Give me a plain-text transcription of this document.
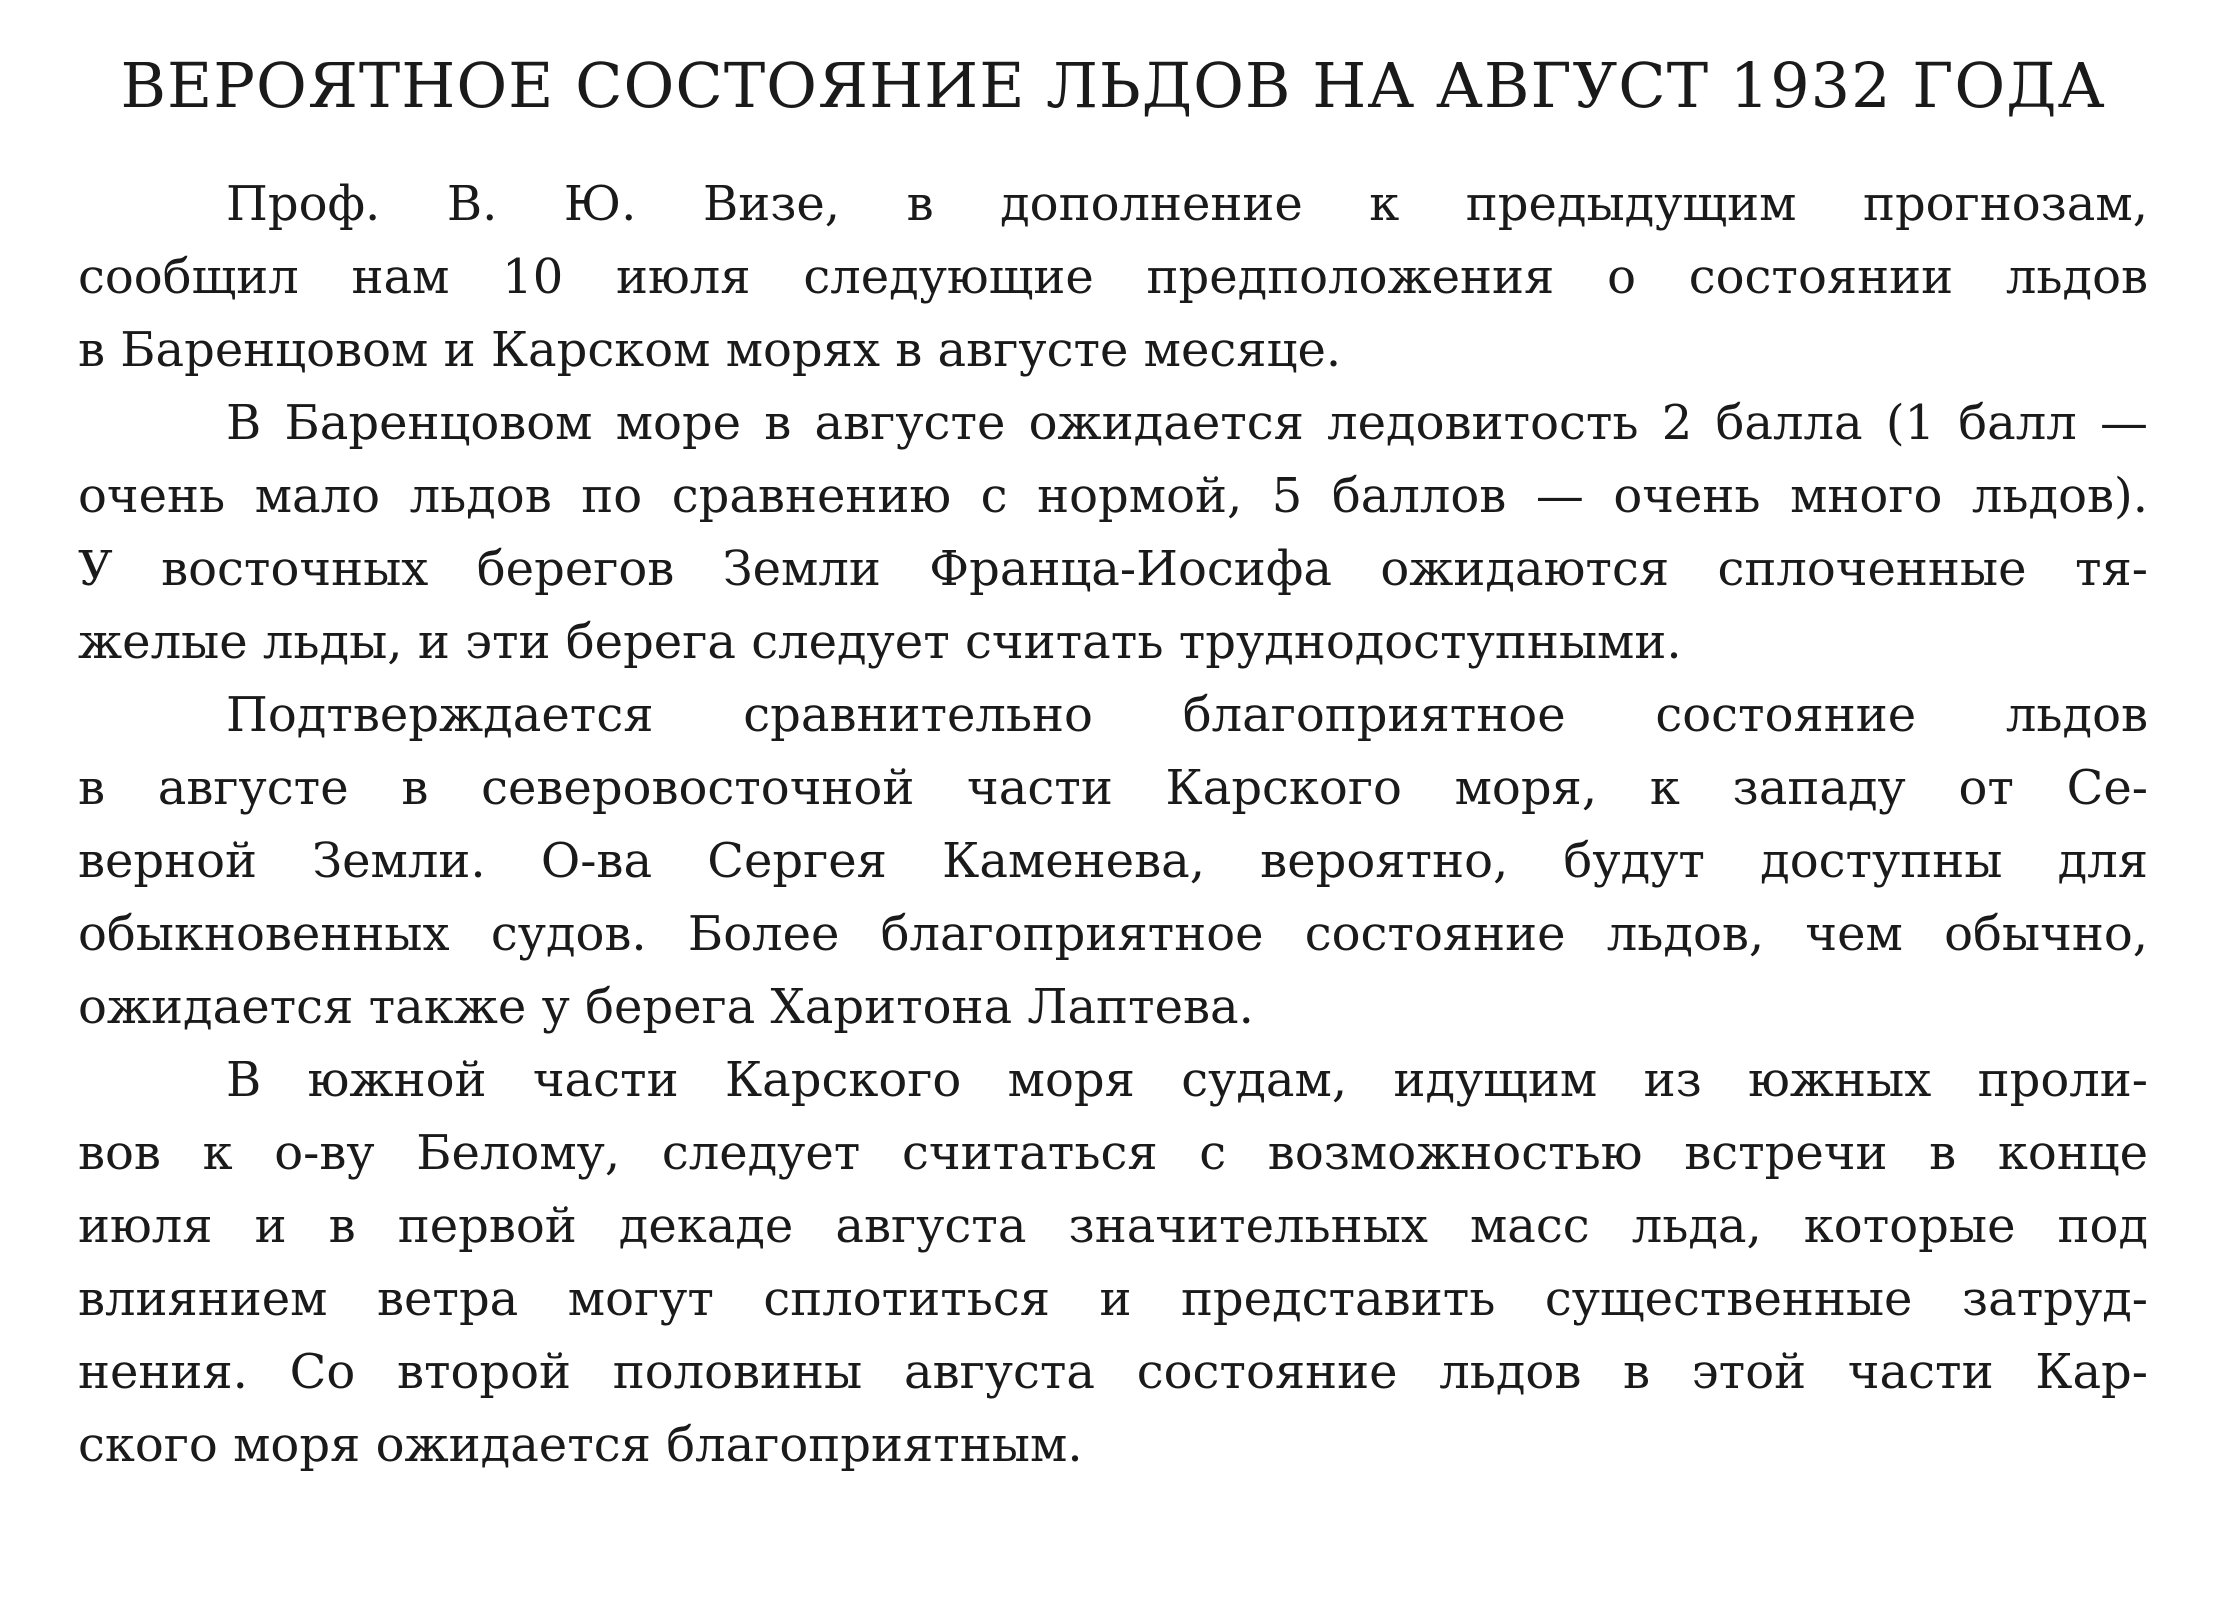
ВЕРОЯТНОЕ СОСТОЯНИЕ ЛЬДОВ НА АВГУСТ 1932 ГОДА

Проф. В. Ю. Визе, в дополнение к предыдущим прогнозам,
сообщил нам 10 июля следующие предположения о состоянии льдов
в Баренцовом и Карском морях в августе месяце.

В Баренцовом море в августе ожидается ледовитость 2 балла (1 балл —
очень мало льдов по сравнению с нормой, 5 баллов — очень много льдов).
У восточных берегов Земли Франца-Иосифа ожидаются сплоченные тя-
желые льды, и эти берега следует считать труднодоступными.

Подтверждается сравнительно благоприятное состояние льдов
в августе в северовосточной части Карского моря, к западу от Се-
верной Земли. О-ва Сергея Каменева, вероятно, будут доступны для
обыкновенных судов. Более благоприятное состояние льдов, чем обычно,
ожидается также у берега Харитона Лаптева.

В южной части Карского моря судам, идущим из южных проли-
вов к о-ву Белому, следует считаться с возможностью встречи в конце
июля и в первой декаде августа значительных масс льда, которые под
влиянием ветра могут сплотиться и представить существенные затруд-
нения. Со второй половины августа состояние льдов в этой части Кар-
ского моря ожидается благоприятным.
